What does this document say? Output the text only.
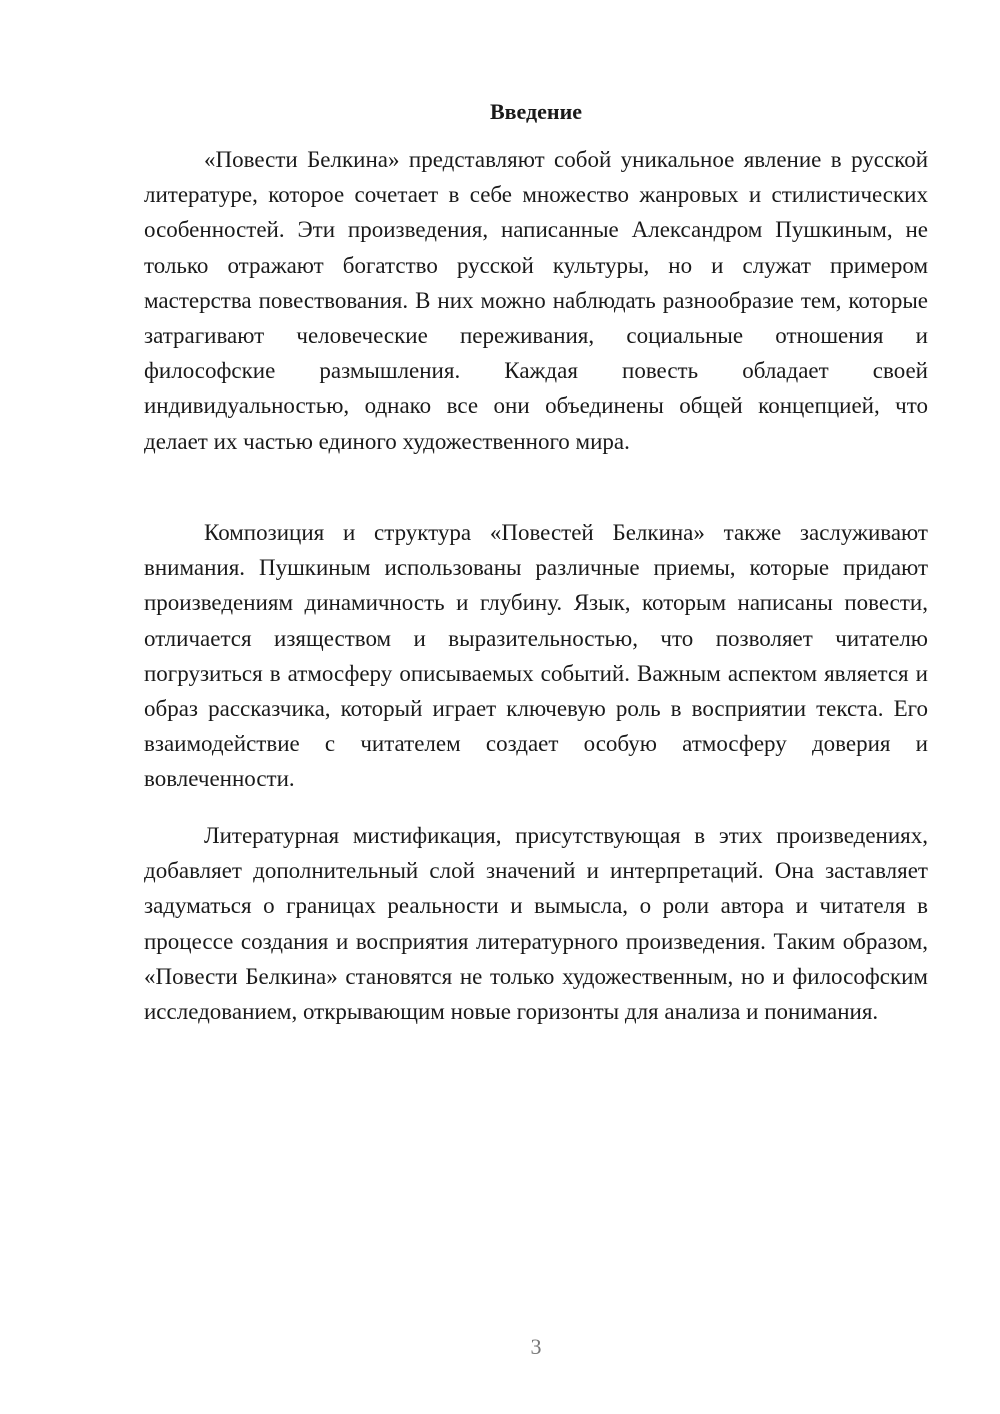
Введение

«Повести Белкина» представляют собой уникальное явление в русской литературе, которое сочетает в себе множество жанровых и стилистических особенностей. Эти произведения, написанные Александром Пушкиным, не только отражают богатство русской культуры, но и служат примером мастерства повествования. В них можно наблюдать разнообразие тем, которые затрагивают человеческие переживания, социальные отношения и философские размышления. Каждая повесть обладает своей индивидуальностью, однако все они объединены общей концепцией, что делает их частью единого художественного мира.

Композиция и структура «Повестей Белкина» также заслуживают внимания. Пушкиным использованы различные приемы, которые придают произведениям динамичность и глубину. Язык, которым написаны повести, отличается изяществом и выразительностью, что позволяет читателю погрузиться в атмосферу описываемых событий. Важным аспектом является и образ рассказчика, который играет ключевую роль в восприятии текста. Его взаимодействие с читателем создает особую атмосферу доверия и вовлеченности.

Литературная мистификация, присутствующая в этих произведениях, добавляет дополнительный слой значений и интерпретаций. Она заставляет задуматься о границах реальности и вымысла, о роли автора и читателя в процессе создания и восприятия литературного произведения. Таким образом, «Повести Белкина» становятся не только художественным, но и философским исследованием, открывающим новые горизонты для анализа и понимания.

3
